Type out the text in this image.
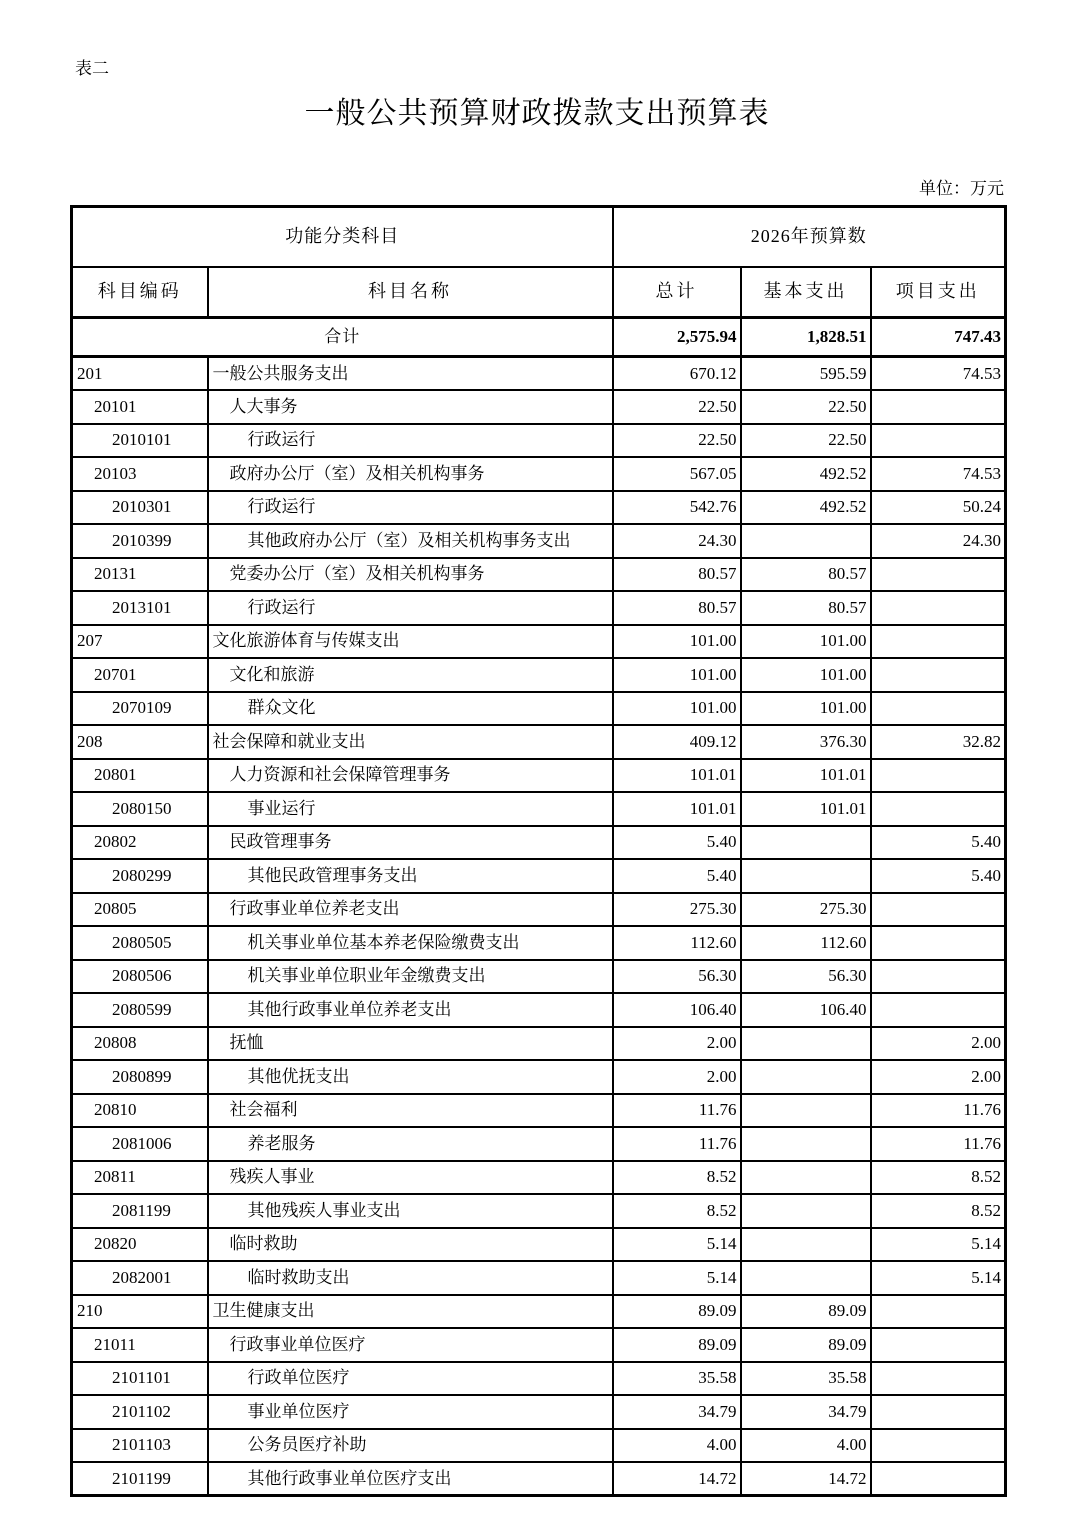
表二
一般公共预算财政拨款支出预算表
单位：万元
功能分类科目		2026年预算数		
科目编码	科目名称	总计	基本支出	项目支出
合计		2,575.94	1,828.51	747.43
201	一般公共服务支出	670.12	595.59	74.53
20101	人大事务	22.50	22.50	
2010101	行政运行	22.50	22.50	
20103	政府办公厅（室）及相关机构事务	567.05	492.52	74.53
2010301	行政运行	542.76	492.52	50.24
2010399	其他政府办公厅（室）及相关机构事务支出	24.30		24.30
20131	党委办公厅（室）及相关机构事务	80.57	80.57	
2013101	行政运行	80.57	80.57	
207	文化旅游体育与传媒支出	101.00	101.00	
20701	文化和旅游	101.00	101.00	
2070109	群众文化	101.00	101.00	
208	社会保障和就业支出	409.12	376.30	32.82
20801	人力资源和社会保障管理事务	101.01	101.01	
2080150	事业运行	101.01	101.01	
20802	民政管理事务	5.40		5.40
2080299	其他民政管理事务支出	5.40		5.40
20805	行政事业单位养老支出	275.30	275.30	
2080505	机关事业单位基本养老保险缴费支出	112.60	112.60	
2080506	机关事业单位职业年金缴费支出	56.30	56.30	
2080599	其他行政事业单位养老支出	106.40	106.40	
20808	抚恤	2.00		2.00
2080899	其他优抚支出	2.00		2.00
20810	社会福利	11.76		11.76
2081006	养老服务	11.76		11.76
20811	残疾人事业	8.52		8.52
2081199	其他残疾人事业支出	8.52		8.52
20820	临时救助	5.14		5.14
2082001	临时救助支出	5.14		5.14
210	卫生健康支出	89.09	89.09	
21011	行政事业单位医疗	89.09	89.09	
2101101	行政单位医疗	35.58	35.58	
2101102	事业单位医疗	34.79	34.79	
2101103	公务员医疗补助	4.00	4.00	
2101199	其他行政事业单位医疗支出	14.72	14.72	
